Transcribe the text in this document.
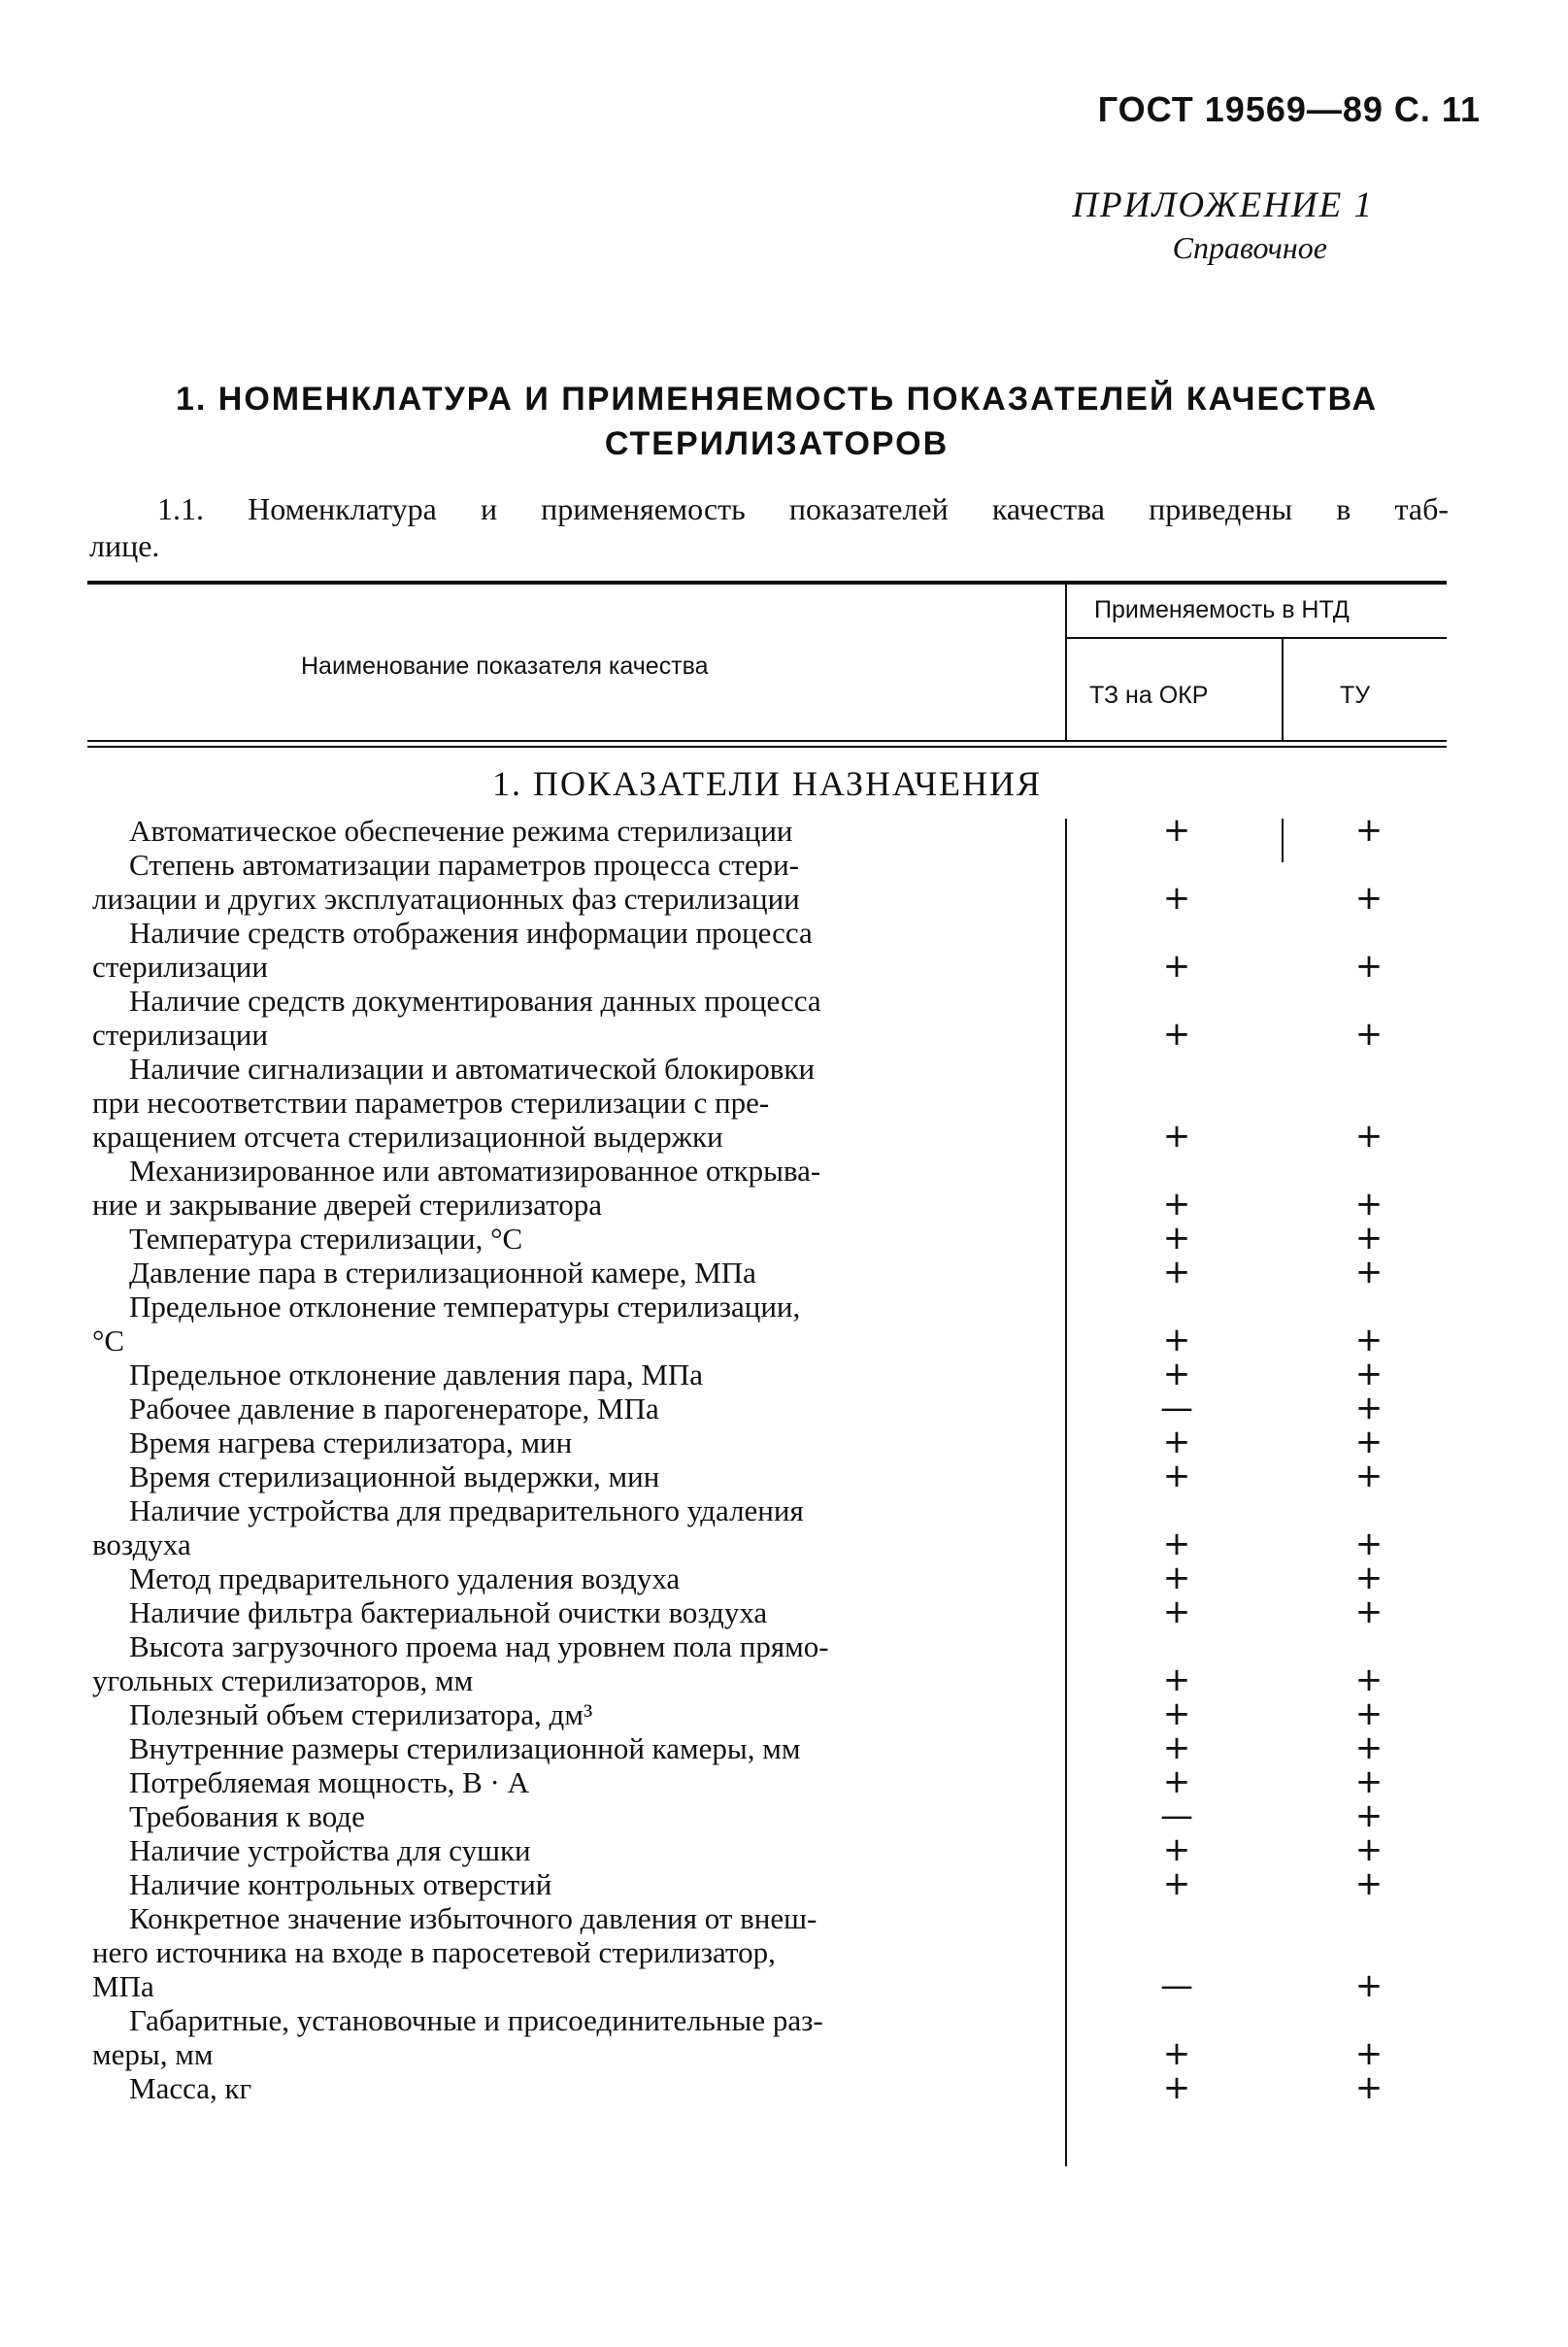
ГОСТ 19569—89 С. 11
ПРИЛОЖЕНИЕ 1
Справочное
1. НОМЕНКЛАТУРА И ПРИМЕНЯЕМОСТЬ ПОКАЗАТЕЛЕЙ КАЧЕСТВА
СТЕРИЛИЗАТОРОВ
1.1. Номенклатура и применяемость показателей качества приведены в таб-
лице.
Наименование показателя качества
Применяемость в НТД
ТЗ на ОКР	ТУ
1. ПОКАЗАТЕЛИ НАЗНАЧЕНИЯ
Автоматическое обеспечение режима стерилизации	+	+
Степень автоматизации параметров процесса стери-
лизации и других эксплуатационных фаз стерилизации	+	+
Наличие средств отображения информации процесса
стерилизации	+	+
Наличие средств документирования данных процесса
стерилизации	+	+
Наличие сигнализации и автоматической блокировки
при несоответствии параметров стерилизации с пре-
кращением отсчета стерилизационной выдержки	+	+
Механизированное или автоматизированное открыва-
ние и закрывание дверей стерилизатора	+	+
Температура стерилизации, °С	+	+
Давление пара в стерилизационной камере, МПа	+	+
Предельное отклонение температуры стерилизации,
°С	+	+
Предельное отклонение давления пара, МПа	+	+
Рабочее давление в парогенераторе, МПа	—	+
Время нагрева стерилизатора, мин	+	+
Время стерилизационной выдержки, мин	+	+
Наличие устройства для предварительного удаления
воздуха	+	+
Метод предварительного удаления воздуха	+	+
Наличие фильтра бактериальной очистки воздуха	+	+
Высота загрузочного проема над уровнем пола прямо-
угольных стерилизаторов, мм	+	+
Полезный объем стерилизатора, дм³	+	+
Внутренние размеры стерилизационной камеры, мм	+	+
Потребляемая мощность, В · А	+	+
Требования к воде	—	+
Наличие устройства для сушки	+	+
Наличие контрольных отверстий	+	+
Конкретное значение избыточного давления от внеш-
него источника на входе в паросетевой стерилизатор,
МПа	—	+
Габаритные, установочные и присоединительные раз-
меры, мм	+	+
Масса, кг	+	+
